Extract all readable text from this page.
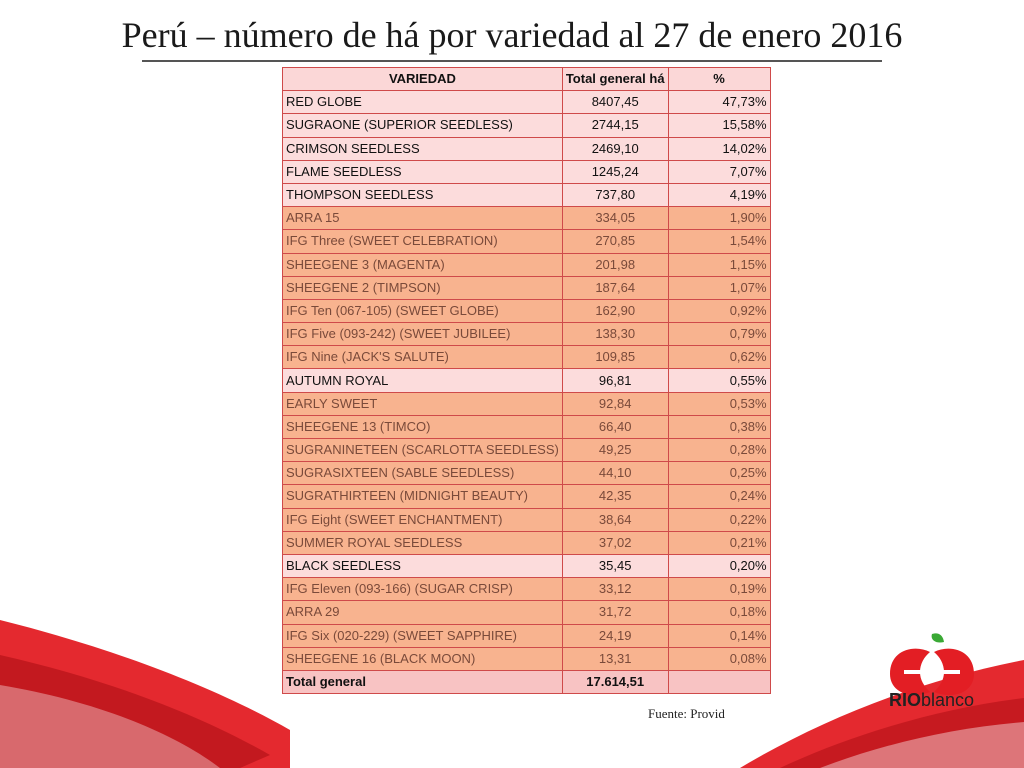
Perú – número de há por variedad al 27 de enero 2016
VARIEDAD	Total general há	%
RED GLOBE	8407,45	47,73%
SUGRAONE (SUPERIOR SEEDLESS)	2744,15	15,58%
CRIMSON SEEDLESS	2469,10	14,02%
FLAME SEEDLESS	1245,24	7,07%
THOMPSON SEEDLESS	737,80	4,19%
ARRA 15	334,05	1,90%
IFG Three (SWEET CELEBRATION)	270,85	1,54%
SHEEGENE 3 (MAGENTA)	201,98	1,15%
SHEEGENE 2 (TIMPSON)	187,64	1,07%
IFG Ten (067-105) (SWEET GLOBE)	162,90	0,92%
IFG Five (093-242) (SWEET JUBILEE)	138,30	0,79%
IFG Nine (JACK'S SALUTE)	109,85	0,62%
AUTUMN ROYAL	96,81	0,55%
EARLY SWEET	92,84	0,53%
SHEEGENE 13 (TIMCO)	66,40	0,38%
SUGRANINETEEN (SCARLOTTA SEEDLESS)	49,25	0,28%
SUGRASIXTEEN (SABLE SEEDLESS)	44,10	0,25%
SUGRATHIRTEEN (MIDNIGHT BEAUTY)	42,35	0,24%
IFG Eight (SWEET ENCHANTMENT)	38,64	0,22%
SUMMER ROYAL SEEDLESS	37,02	0,21%
BLACK SEEDLESS	35,45	0,20%
IFG Eleven (093-166) (SUGAR CRISP)	33,12	0,19%
ARRA 29	31,72	0,18%
IFG Six (020-229) (SWEET SAPPHIRE)	24,19	0,14%
SHEEGENE 16 (BLACK MOON)	13,31	0,08%
Total general	17.614,51	
Fuente: Provid
RIOblanco
